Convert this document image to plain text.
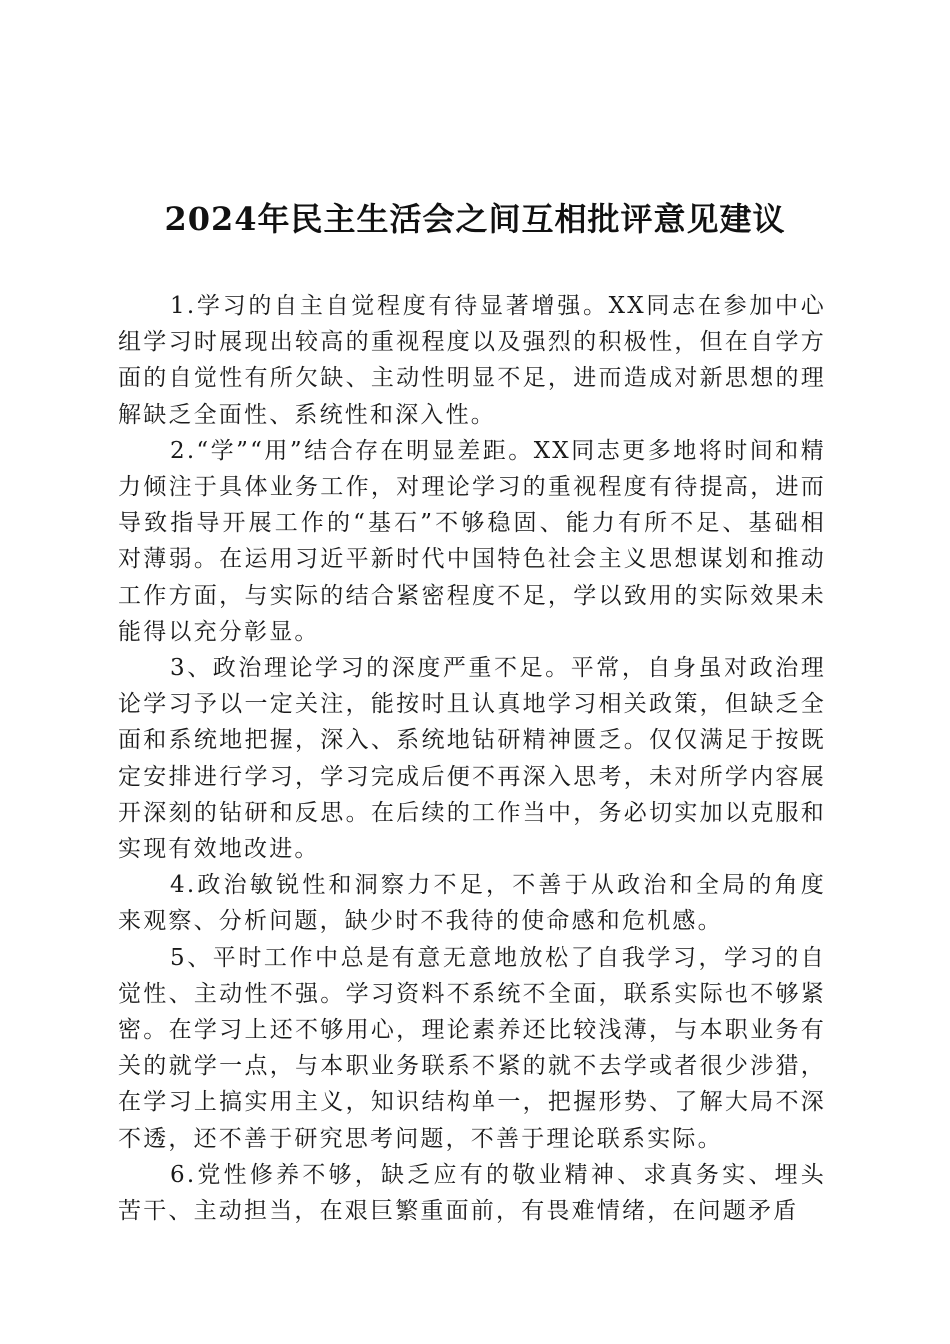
2024年民主生活会之间互相批评意见建议

1.学习的自主自觉程度有待显著增强。XX同志在参加中心组学习时展现出较高的重视程度以及强烈的积极性，但在自学方面的自觉性有所欠缺、主动性明显不足，进而造成对新思想的理解缺乏全面性、系统性和深入性。

2.“学”“用”结合存在明显差距。XX同志更多地将时间和精力倾注于具体业务工作，对理论学习的重视程度有待提高，进而导致指导开展工作的“基石”不够稳固、能力有所不足、基础相对薄弱。在运用习近平新时代中国特色社会主义思想谋划和推动工作方面，与实际的结合紧密程度不足，学以致用的实际效果未能得以充分彰显。

3、政治理论学习的深度严重不足。平常，自身虽对政治理论学习予以一定关注，能按时且认真地学习相关政策，但缺乏全面和系统地把握，深入、系统地钻研精神匮乏。仅仅满足于按既定安排进行学习，学习完成后便不再深入思考，未对所学内容展开深刻的钻研和反思。在后续的工作当中，务必切实加以克服和实现有效地改进。

4.政治敏锐性和洞察力不足，不善于从政治和全局的角度来观察、分析问题，缺少时不我待的使命感和危机感。

5、平时工作中总是有意无意地放松了自我学习，学习的自觉性、主动性不强。学习资料不系统不全面，联系实际也不够紧密。在学习上还不够用心，理论素养还比较浅薄，与本职业务有关的就学一点，与本职业务联系不紧的就不去学或者很少涉猎，在学习上搞实用主义，知识结构单一，把握形势、了解大局不深不透，还不善于研究思考问题，不善于理论联系实际。

6.党性修养不够，缺乏应有的敬业精神、求真务实、埋头苦干、主动担当，在艰巨繁重面前，有畏难情绪，在问题矛盾
